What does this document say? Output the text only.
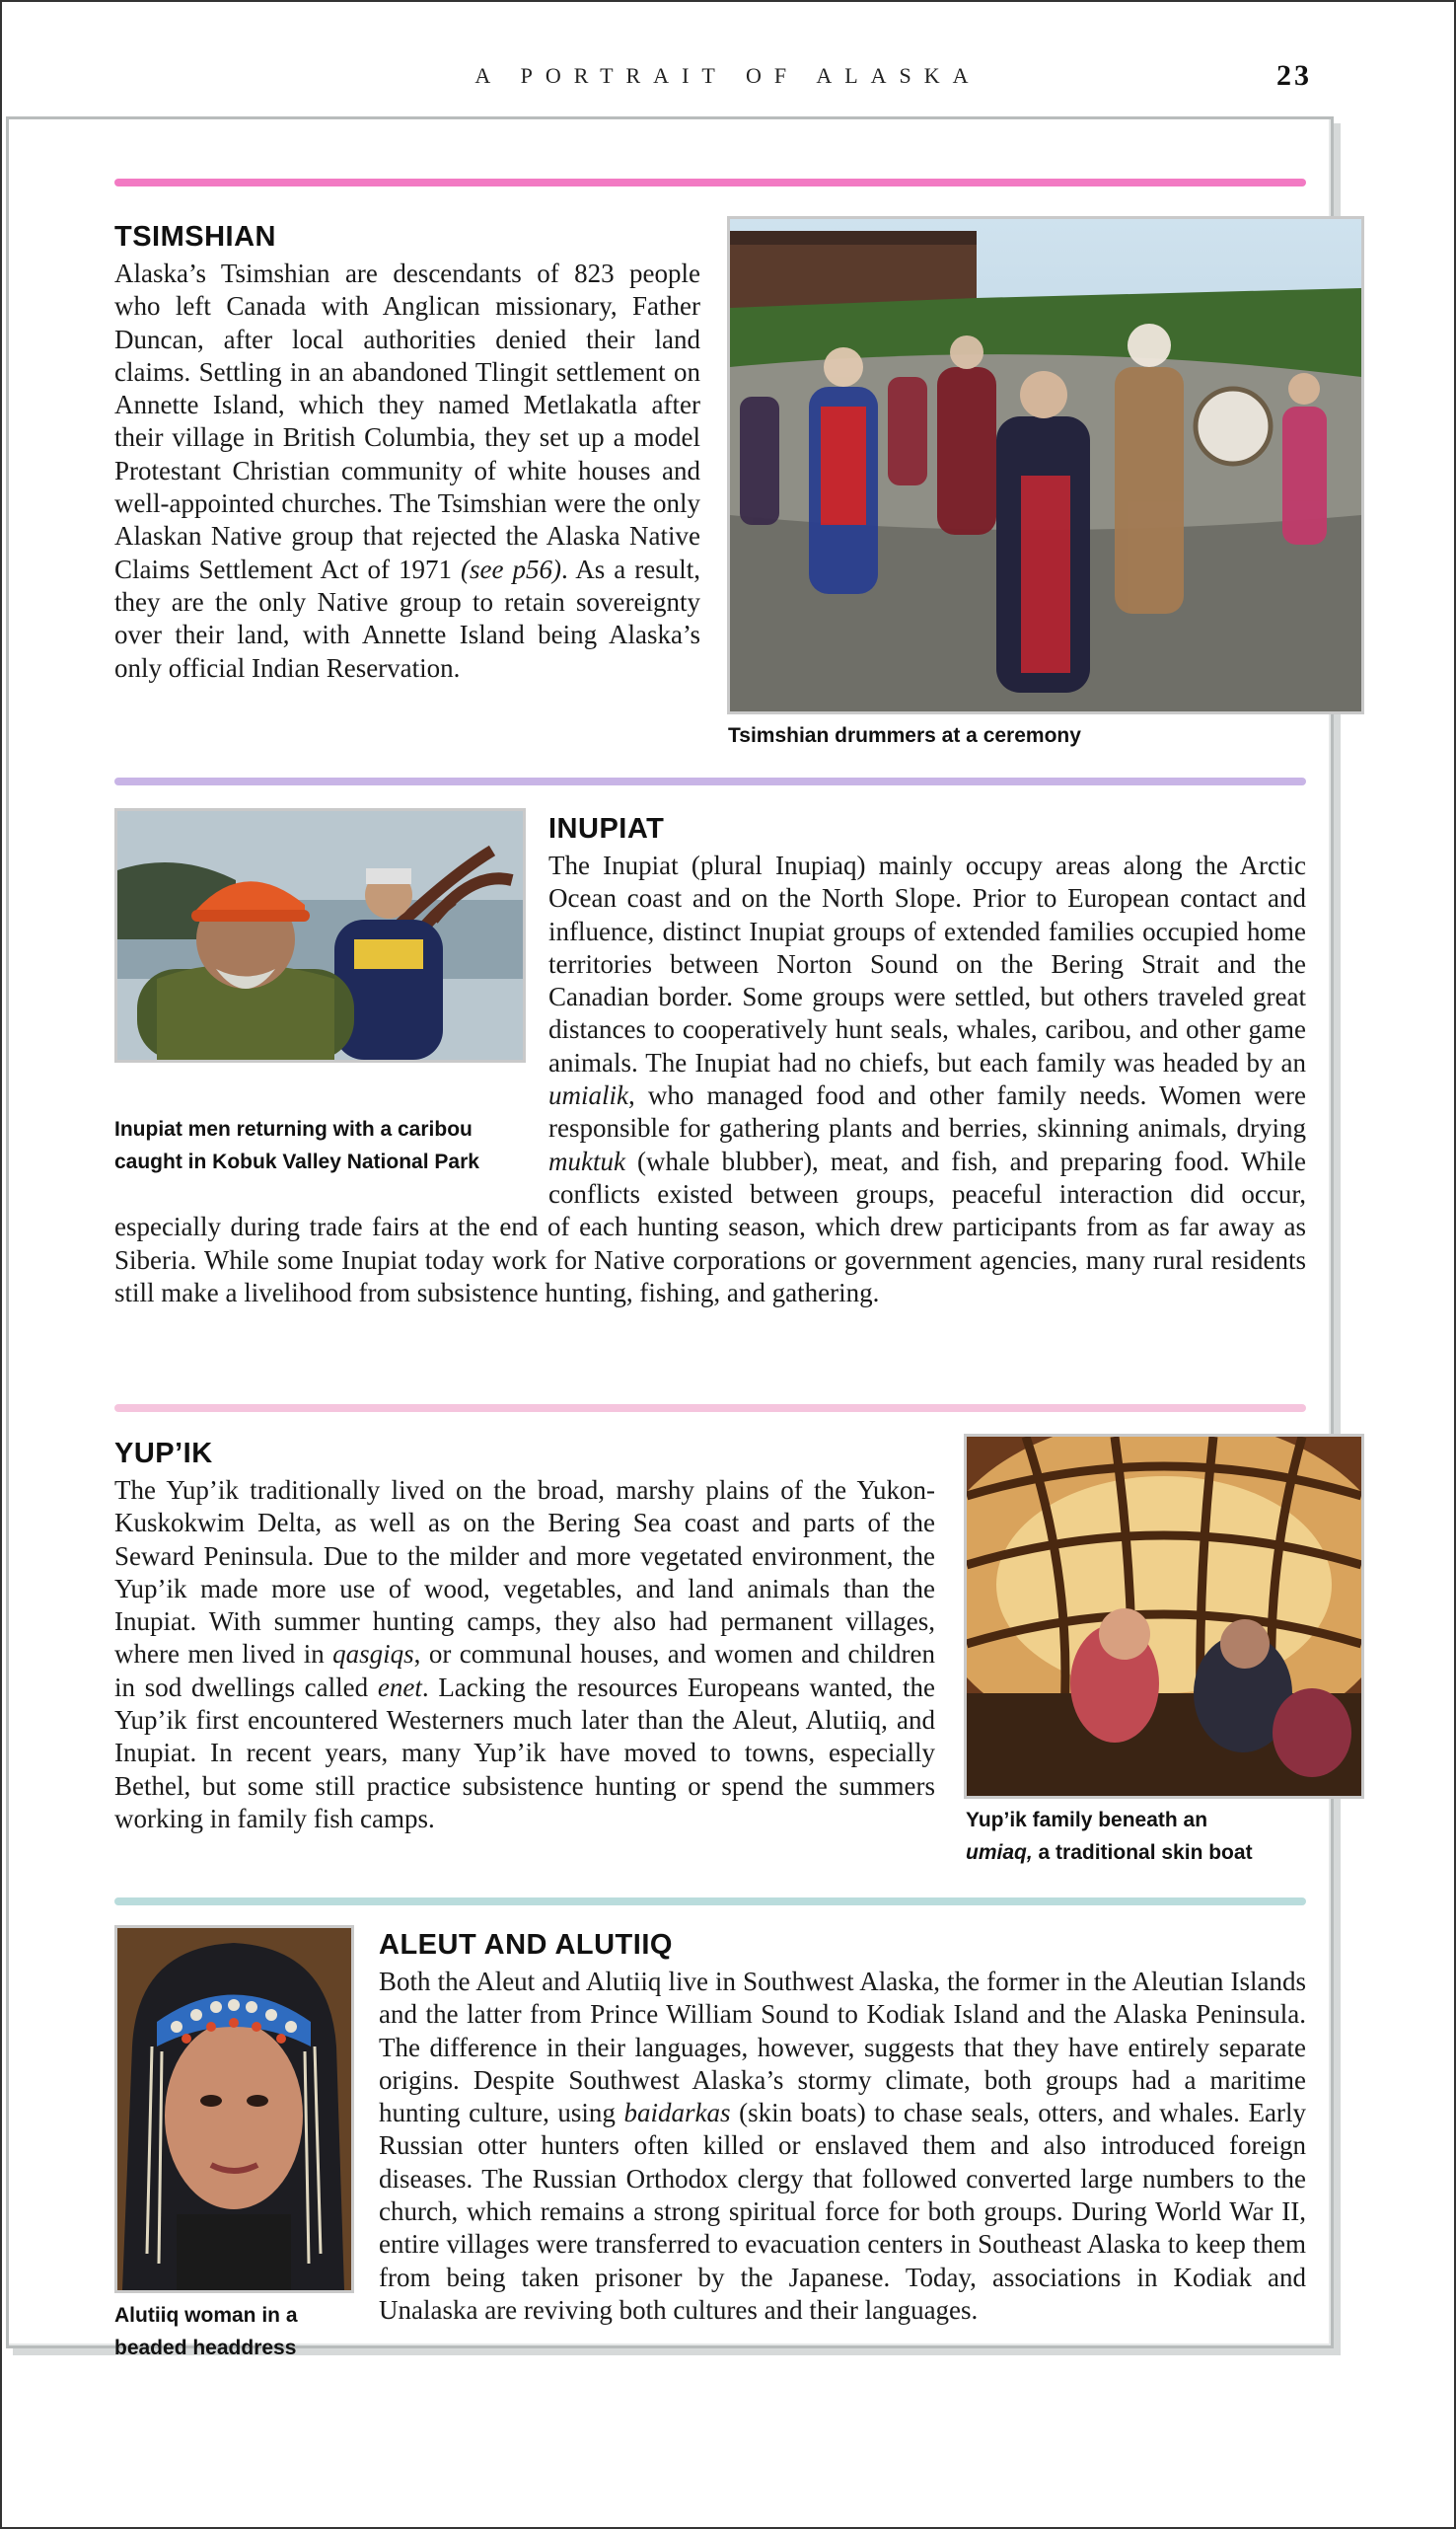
A PORTRAIT OF ALASKA	23
TSIMSHIAN
Alaska’s Tsimshian are descendants of 823 people who left Canada with Anglican missionary, Father Duncan, after local authorities denied their land claims. Settling in an abandoned Tlingit settlement on Annette Island, which they named Metlakatla after their village in British Columbia, they set up a model Protestant Christian community of white houses and well-appointed churches. The Tsimshian were the only Alaskan Native group that rejected the Alaska Native Claims Settlement Act of 1971 (see p56). As a result, they are the only Native group to retain sovereignty over their land, with Annette Island being Alaska’s only official Indian Reservation.
Tsimshian drummers at a ceremony
INUPIAT
Inupiat men returning with a caribou caught in Kobuk Valley National Park
The Inupiat (plural Inupiaq) mainly occupy areas along the Arctic Ocean coast and on the North Slope. Prior to European contact and influence, distinct Inupiat groups of extended families occupied home territories between Norton Sound on the Bering Strait and the Canadian border. Some groups were settled, but others traveled great distances to cooperatively hunt seals, whales, caribou, and other game animals. The Inupiat had no chiefs, but each family was headed by an umialik, who managed food and other family needs. Women were responsible for gathering plants and berries, skinning animals, drying muktuk (whale blubber), meat, and fish, and preparing food. While conflicts existed between groups, peaceful interaction did occur, especially during trade fairs at the end of each hunting season, which drew participants from as far away as Siberia. While some Inupiat today work for Native corporations or government agencies, many rural residents still make a livelihood from subsistence hunting, fishing, and gathering.
YUP’IK
The Yup’ik traditionally lived on the broad, marshy plains of the Yukon-Kuskokwim Delta, as well as on the Bering Sea coast and parts of the Seward Peninsula. Due to the milder and more vegetated environment, the Yup’ik made more use of wood, vegetables, and land animals than the Inupiat. With summer hunting camps, they also had permanent villages, where men lived in qasgiqs, or communal houses, and women and children in sod dwellings called enet. Lacking the resources Europeans wanted, the Yup’ik first encountered Westerners much later than the Aleut, Alutiiq, and Inupiat. In recent years, many Yup’ik have moved to towns, especially Bethel, but some still practice subsistence hunting or spend the summers working in family fish camps.	Yup’ik family beneath an
umiaq, a traditional skin boat
ALEUT AND ALUTIIQ
Both the Aleut and Alutiiq live in Southwest Alaska, the former in the Aleutian Islands and the latter from Prince William Sound to Kodiak Island and the Alaska Peninsula. The difference in their languages, however, suggests that they have entirely separate origins. Despite Southwest Alaska’s stormy climate, both groups had a maritime hunting culture, using baidarkas (skin boats) to chase seals, otters, and whales. Early Russian otter hunters often killed or enslaved them and also introduced foreign diseases. The Russian Orthodox clergy that followed converted large numbers to the church, which remains a strong spiritual force for both groups. During World War II, entire villages were transferred to evacuation centers in Southeast Alaska to keep them from being taken prisoner by the Japanese. Today, associations in Kodiak and Unalaska are reviving both cultures and their languages.
Alutiiq woman in a beaded headdress
